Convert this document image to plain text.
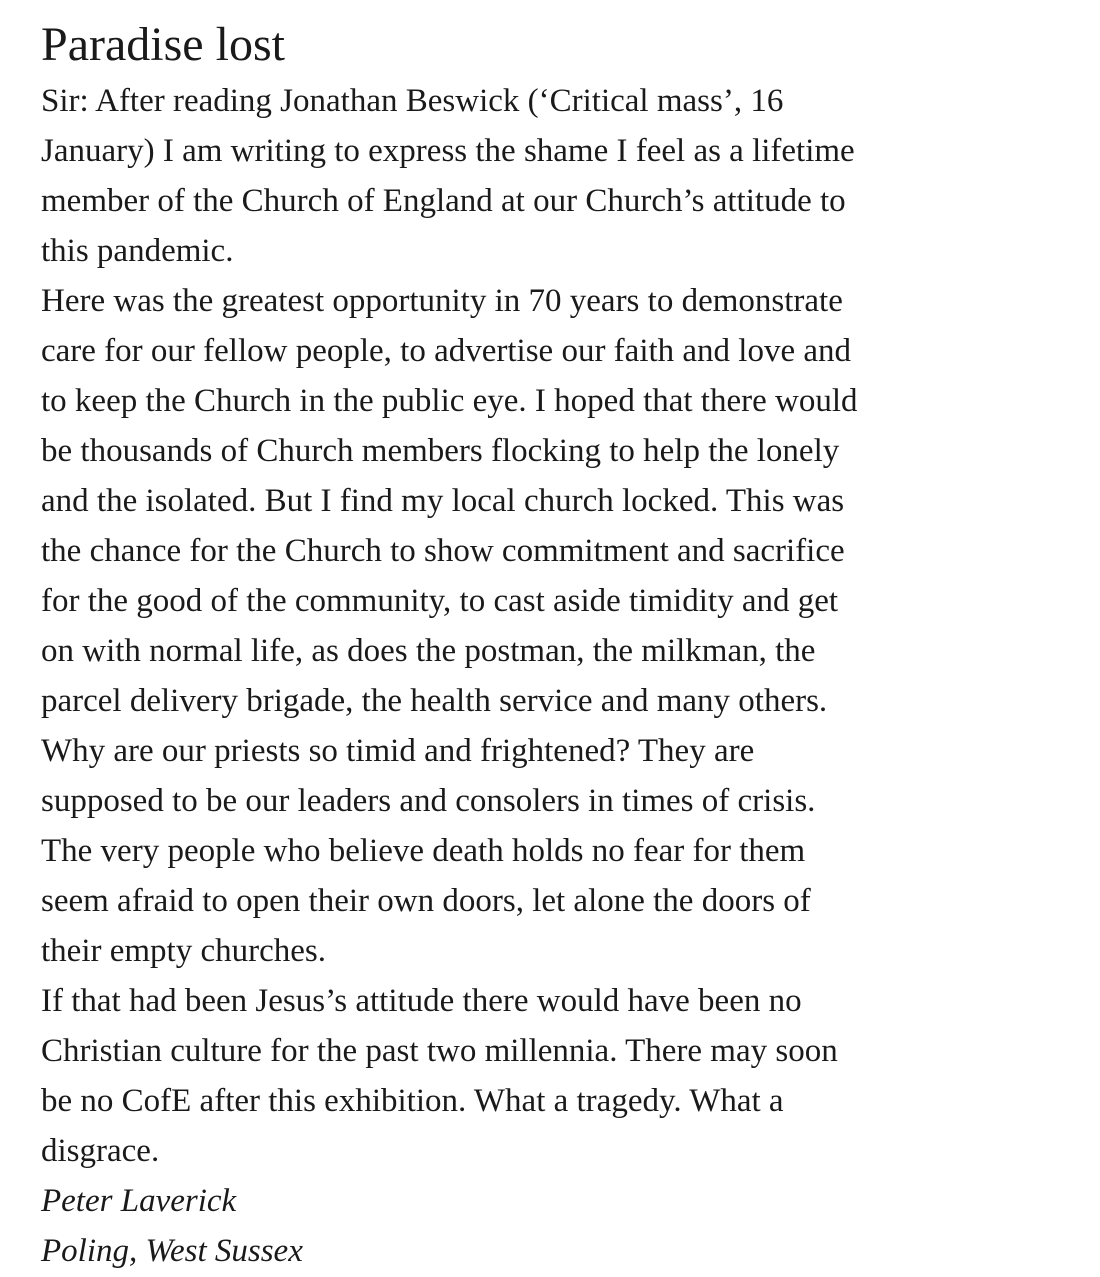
Paradise lost

Sir: After reading Jonathan Beswick (‘Critical mass’, 16
January) I am writing to express the shame I feel as a lifetime
member of the Church of England at our Church’s attitude to
this pandemic.

Here was the greatest opportunity in 70 years to demonstrate
care for our fellow people, to advertise our faith and love and
to keep the Church in the public eye. I hoped that there would
be thousands of Church members flocking to help the lonely
and the isolated. But I find my local church locked. This was
the chance for the Church to show commitment and sacrifice
for the good of the community, to cast aside timidity and get
on with normal life, as does the postman, the milkman, the
parcel delivery brigade, the health service and many others.
Why are our priests so timid and frightened? They are
supposed to be our leaders and consolers in times of crisis.
The very people who believe death holds no fear for them
seem afraid to open their own doors, let alone the doors of
their empty churches.

If that had been Jesus’s attitude there would have been no
Christian culture for the past two millennia. There may soon
be no CofE after this exhibition. What a tragedy. What a
disgrace.

Peter Laverick
Poling, West Sussex
